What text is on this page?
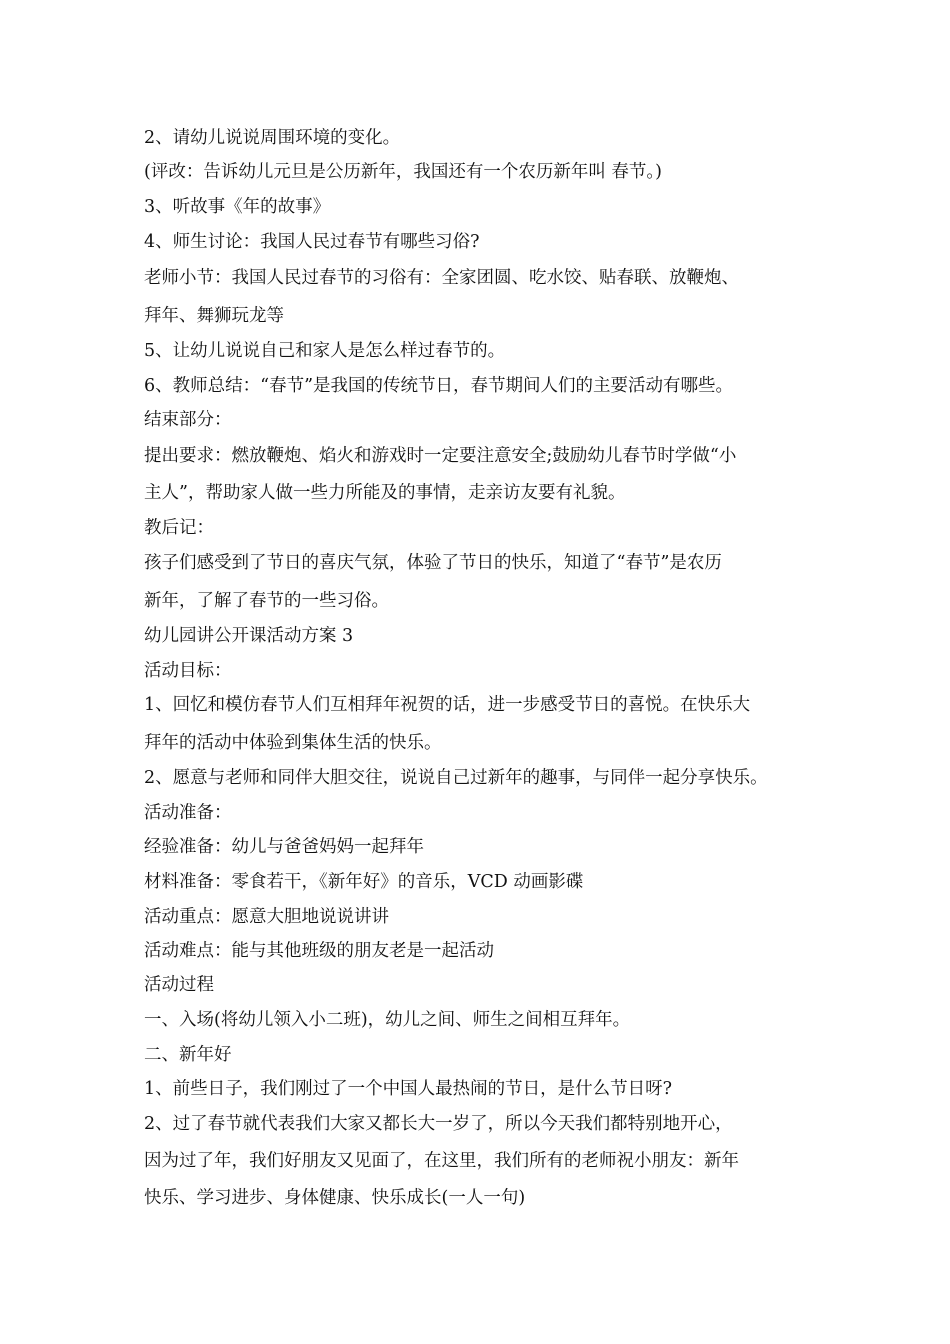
2、请幼儿说说周围环境的变化。
(评改：告诉幼儿元旦是公历新年，我国还有一个农历新年叫 春节。)
3、听故事《年的故事》
4、师生讨论：我国人民过春节有哪些习俗?
老师小节：我国人民过春节的习俗有：全家团圆、吃水饺、贴春联、放鞭炮、
拜年、舞狮玩龙等
5、让幼儿说说自己和家人是怎么样过春节的。
6、教师总结：“春节”是我国的传统节日，春节期间人们的主要活动有哪些。
结束部分：
提出要求：燃放鞭炮、焰火和游戏时一定要注意安全;鼓励幼儿春节时学做“小
主人”，帮助家人做一些力所能及的事情，走亲访友要有礼貌。
教后记：
孩子们感受到了节日的喜庆气氛，体验了节日的快乐，知道了“春节”是农历
新年，了解了春节的一些习俗。
幼儿园讲公开课活动方案 3
活动目标：
1、回忆和模仿春节人们互相拜年祝贺的话，进一步感受节日的喜悦。在快乐大
拜年的活动中体验到集体生活的快乐。
2、愿意与老师和同伴大胆交往，说说自己过新年的趣事，与同伴一起分享快乐。
活动准备：
经验准备：幼儿与爸爸妈妈一起拜年
材料准备：零食若干，《新年好》的音乐，VCD 动画影碟
活动重点：愿意大胆地说说讲讲
活动难点：能与其他班级的朋友老是一起活动
活动过程
一、入场(将幼儿领入小二班)，幼儿之间、师生之间相互拜年。
二、新年好
1、前些日子，我们刚过了一个中国人最热闹的节日，是什么节日呀?
2、过了春节就代表我们大家又都长大一岁了，所以今天我们都特别地开心，
因为过了年，我们好朋友又见面了，在这里，我们所有的老师祝小朋友：新年
快乐、学习进步、身体健康、快乐成长(一人一句)
